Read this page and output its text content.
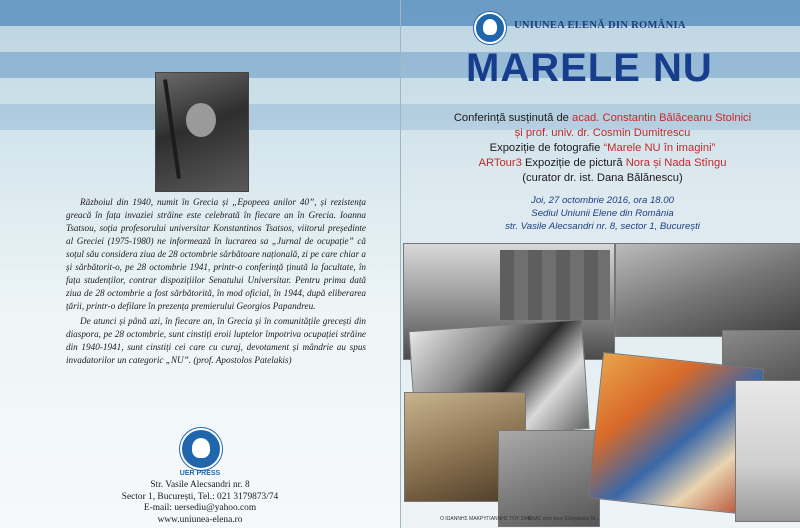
Războiul din 1940, numit în Grecia și „Epopeea anilor 40”, și rezistența greacă în fața invaziei străine este celebrată în fiecare an în Grecia. Ioanna Tsatsou, soția profesorului universitar Konstantinos Tsatsos, viitorul președinte al Greciei (1975-1980) ne informează în lucrarea sa „Jurnal de ocupație” că soțul său considera ziua de 28 octombrie sărbătoare națională, zi pe care chiar a și sărbătorit-o, pe 28 octombrie 1941, printr-o conferință ținută la facultate, în fața studenților, contrar dispozițiilor Senatului Universitar. Pentru prima dată ziua de 28 octombrie a fost sărbătorită, în mod oficial, în 1944, după eliberarea țării, printr-o defilare în prezența premierului Georgios Papandreu.

De atunci și până azi, în fiecare an, în Grecia și în comunitățile grecești din diaspora, pe 28 octombrie, sunt cinstiți eroii luptelor împotriva ocupației străine din 1940-1941, sunt cinstiți cei care cu curaj, devotament și mândrie au spus invadatorilor un categoric „NU”. (prof. Apostolos Patelakis)

UER PRESS
Str. Vasile Alecsandri nr. 8
Sector 1, București, Tel.: 021 3179873/74
E-mail: uersediu@yahoo.com
www.uniunea-elena.ro
UNIUNEA ELENĂ DIN ROMÂNIA
MARELE NU
Conferință susținută de acad. Constantin Bălăceanu Stolnici
și prof. univ. dr. Cosmin Dumitrescu
Expoziție de fotografie “Marele NU în imagini”
ARTour3 Expoziție de pictură Nora și Nada Stîngu
(curator dr. ist. Dana Bălănescu)
Joi, 27 octombrie 2016, ora 18.00
Sediul Uniunii Elene din România
str. Vasile Alecsandri nr. 8, sector 1, București
Ο ΙΩΑΝΝΗΣ ΜΑΚΡΥΓΙΑΝΝΗΣ ΤΟΥ 1940
ΕΝΑΣ από τους Ελληνικούς Μ...
